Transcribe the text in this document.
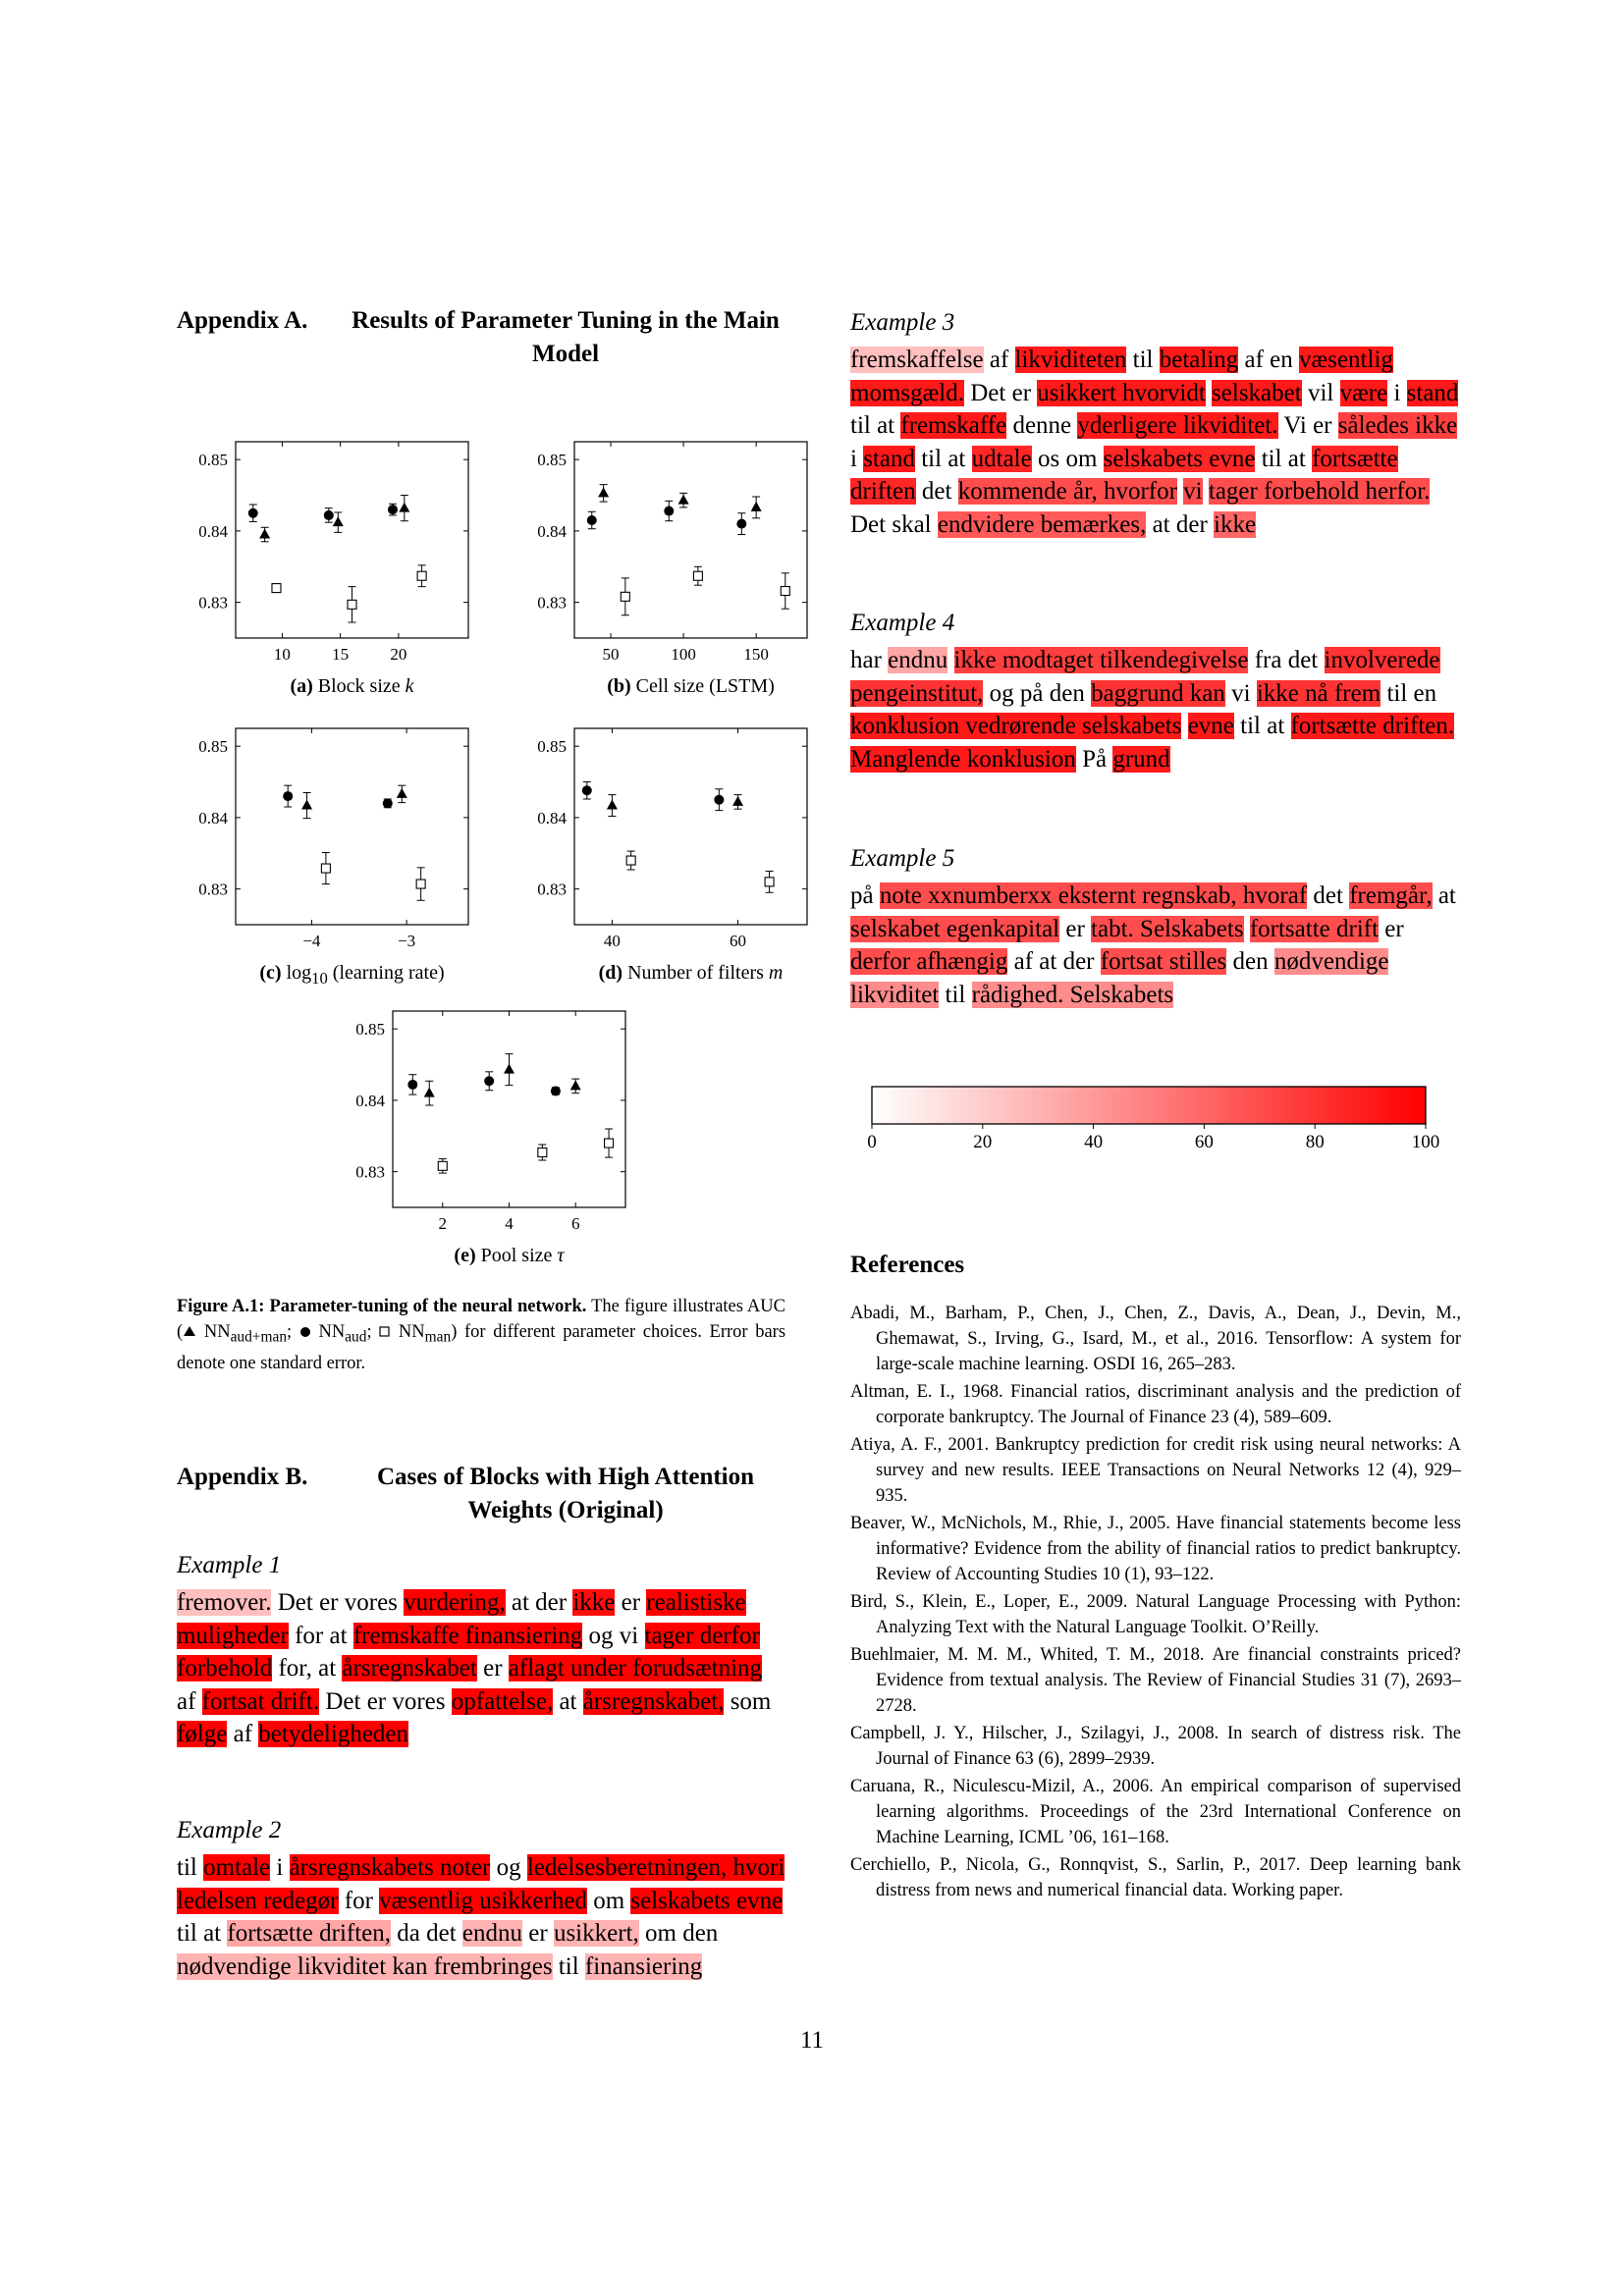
Appendix A. Results of Parameter Tuning in the Main Model
0.85
0.84
0.83
10 15 20
(a) Block size k
0.85
0.84
0.83
50	100	150
(b) Cell size (LSTM)
0.85
0.84
0.83
−4	−3
(c) $\log_{10}$ (learning rate)
0.85
0.84
0.83
40	60
(d) Number of filters m
0.85
0.84
0.83
2	4	6
(e) Pool size τ
Figure A.1: Parameter-tuning of the neural network. The figure illustrates AUC ( $NN_{aud+man}$;  $NN_{aud}$;  $NN_{man}$) for different parameter choices. Error bars denote one standard error.
Appendix B.	Cases of Blocks with High Attention Weights (Original)
Example 1
fremover. Det er vores vurdering, at der ikke er realistiske muligheder for at fremskaffe finansiering og vi tager derfor forbehold for, at årsregnskabet er aflagt under forudsætning af fortsat drift. Det er vores opfattelse, at årsregnskabet, som følge af betydeligheden
Example 2
til omtale i årsregnskabets noter og ledelsesberetningen, hvori ledelsen redegør for væsentlig usikkerhed om selskabets evne til at fortsætte driften, da det endnu er usikkert, om den nødvendige likviditet kan frembringes til finansiering
Example 3
fremskaffelse af likviditeten til betaling af en væsentlig momsgæld. Det er usikkert hvorvidt selskabet vil være i stand til at fremskaffe denne yderligere likviditet. Vi er således ikke i stand til at udtale os om selskabets evne til at fortsætte driften det kommende år, hvorfor vi tager forbehold herfor. Det skal endvidere bemærkes, at der ikke
Example 4
har endnu ikke modtaget tilkendegivelse fra det involverede pengeinstitut, og på den baggrund kan vi ikke nå frem til en konklusion vedrørende selskabets evne til at fortsætte driften. Manglende konklusion På grund
Example 5
på note xxnumberxx eksternt regnskab, hvoraf det fremgår, at selskabet egenkapital er tabt. Selskabets fortsatte drift er derfor afhængig af at der fortsat stilles den nødvendige likviditet til rådighed. Selskabets
0	20	40	60	80	100
References
Abadi, M., Barham, P., Chen, J., Chen, Z., Davis, A., Dean, J., Devin, M., Ghemawat, S., Irving, G., Isard, M., et al., 2016. Tensorflow: A system for large-scale machine learning. OSDI 16, 265–283.
Altman, E. I., 1968. Financial ratios, discriminant analysis and the prediction of corporate bankruptcy. The Journal of Finance 23 (4), 589–609.
Atiya, A. F., 2001. Bankruptcy prediction for credit risk using neural networks: A survey and new results. IEEE Transactions on Neural Networks 12 (4), 929–935.
Beaver, W., McNichols, M., Rhie, J., 2005. Have financial statements become less informative? Evidence from the ability of financial ratios to predict bankruptcy. Review of Accounting Studies 10 (1), 93–122.
Bird, S., Klein, E., Loper, E., 2009. Natural Language Processing with Python: Analyzing Text with the Natural Language Toolkit. O’Reilly.
Buehlmaier, M. M. M., Whited, T. M., 2018. Are financial constraints priced? Evidence from textual analysis. The Review of Financial Studies 31 (7), 2693–2728.
Campbell, J. Y., Hilscher, J., Szilagyi, J., 2008. In search of distress risk. The Journal of Finance 63 (6), 2899–2939.
Caruana, R., Niculescu-Mizil, A., 2006. An empirical comparison of supervised learning algorithms. Proceedings of the 23rd International Conference on Machine Learning, ICML ’06, 161–168.
Cerchiello, P., Nicola, G., Ronnqvist, S., Sarlin, P., 2017. Deep learning bank distress from news and numerical financial data. Working paper.
11
